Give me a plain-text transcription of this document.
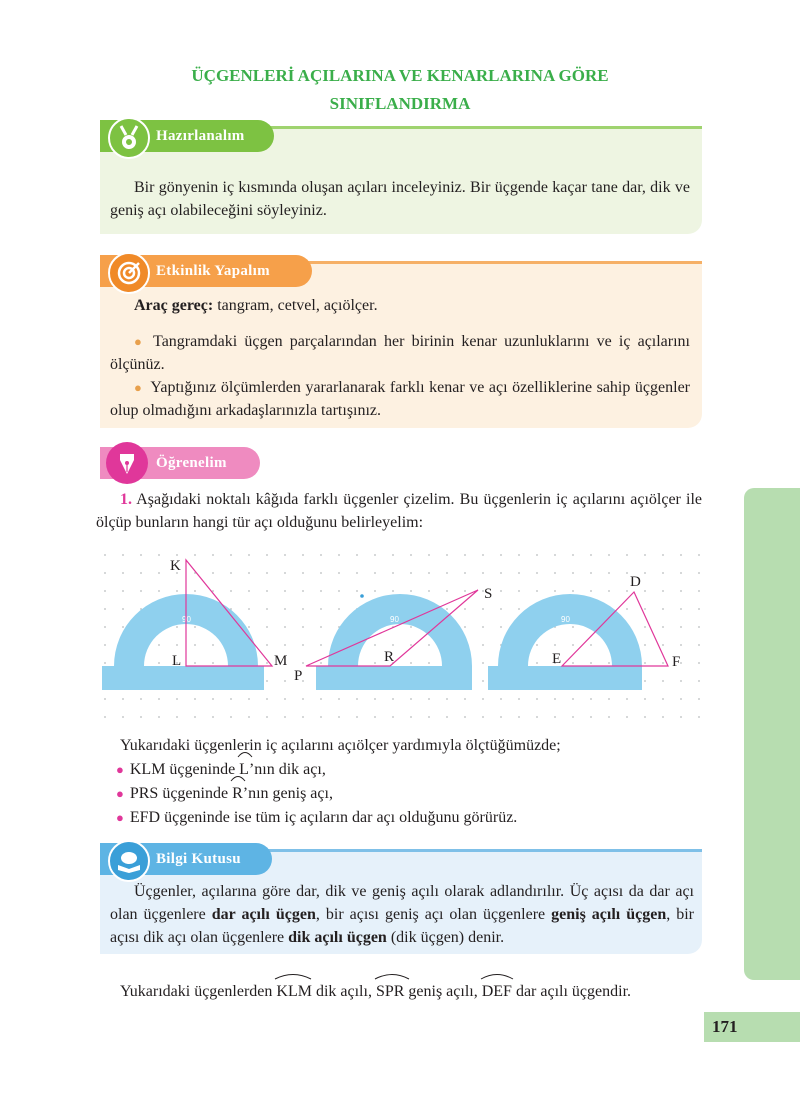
ÜÇGENLERİ AÇILARINA VE KENARLARINA GÖRE
SINIFLANDIRMA
Hazırlanalım
Bir gönyenin iç kısmında oluşan açıları inceleyiniz. Bir üçgende kaçar tane dar, dik ve geniş açı olabileceğini söyleyiniz.
Etkinlik Yapalım
Araç gereç: tangram, cetvel, açıölçer.
● Tangramdaki üçgen parçalarından her birinin kenar uzunluklarını ve iç açılarını ölçünüz.
● Yaptığınız ölçümlerden yararlanarak farklı kenar ve açı özelliklerine sahip üçgenler olup olmadığını arkadaşlarınızla tartışınız.
Öğrenelim
1. Aşağıdaki noktalı kâğıda farklı üçgenler çizelim. Bu üçgenlerin iç açılarını açıölçer ile ölçüp bunların hangi tür açı olduğunu belirleyelim:
90	90	90
K
L	M
P
R
S
D
E	F
Yukarıdaki üçgenlerin iç açılarını açıölçer yardımıyla ölçtüğümüzde;
● KLM üçgeninde
L’nın dik açı,
● PRS üçgeninde
R’nın geniş açı,
● EFD üçgeninde ise tüm iç açıların dar açı olduğunu görürüz.
Bilgi Kutusu
Üçgenler, açılarına göre dar, dik ve geniş açılı olarak adlandırılır. Üç açısı da dar açı olan üçgenlere dar açılı üçgen, bir açısı geniş açı olan üçgenlere geniş açılı üçgen, bir açısı dik açı olan üçgenlere dik açılı üçgen (dik üçgen) denir.
Yukarıdaki üçgenlerden
KLM dik açılı,
SPR geniş açılı,
DEF dar açılı üçgendir.
171
